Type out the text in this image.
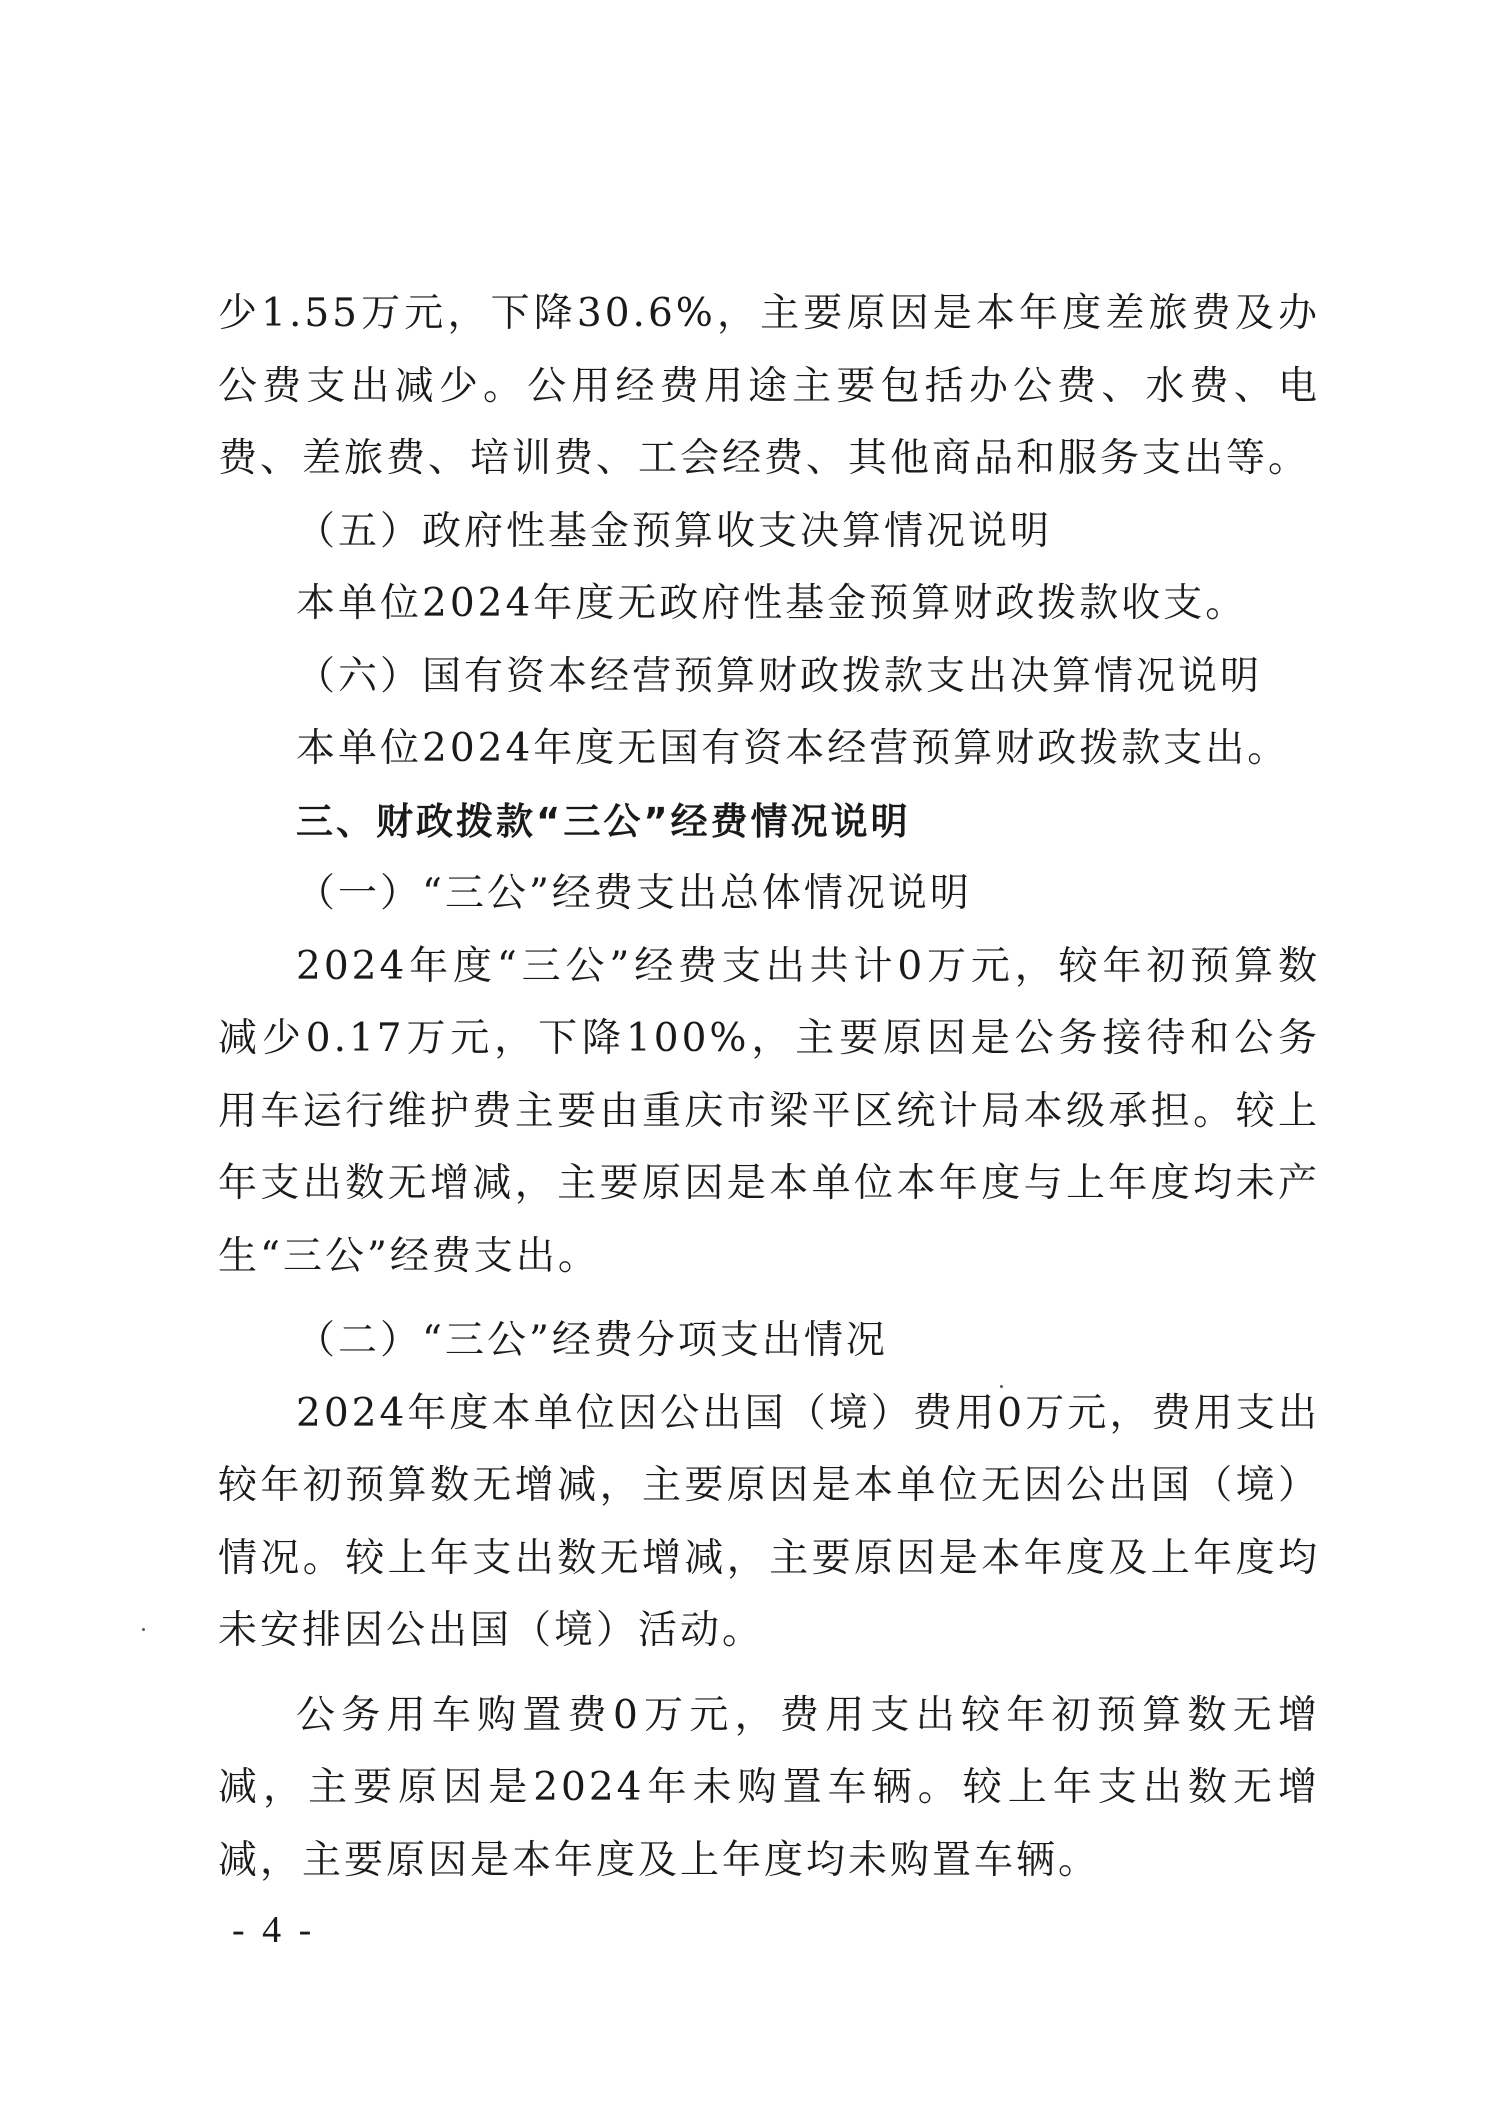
少1.55万元，下降30.6%，主要原因是本年度差旅费及办公费支出减少。公用经费用途主要包括办公费、水费、电费、差旅费、培训费、工会经费、其他商品和服务支出等。

（五）政府性基金预算收支决算情况说明

本单位2024年度无政府性基金预算财政拨款收支。

（六）国有资本经营预算财政拨款支出决算情况说明

本单位2024年度无国有资本经营预算财政拨款支出。

三、财政拨款“三公”经费情况说明

（一）“三公”经费支出总体情况说明

2024年度“三公”经费支出共计0万元，较年初预算数减少0.17万元，下降100%，主要原因是公务接待和公务用车运行维护费主要由重庆市梁平区统计局本级承担。较上年支出数无增减，主要原因是本单位本年度与上年度均未产生“三公”经费支出。

（二）“三公”经费分项支出情况

2024年度本单位因公出国（境）费用0万元，费用支出较年初预算数无增减，主要原因是本单位无因公出国（境）情况。较上年支出数无增减，主要原因是本年度及上年度均未安排因公出国（境）活动。

公务用车购置费0万元，费用支出较年初预算数无增减，主要原因是2024年未购置车辆。较上年支出数无增减，主要原因是本年度及上年度均未购置车辆。

- 4 -
